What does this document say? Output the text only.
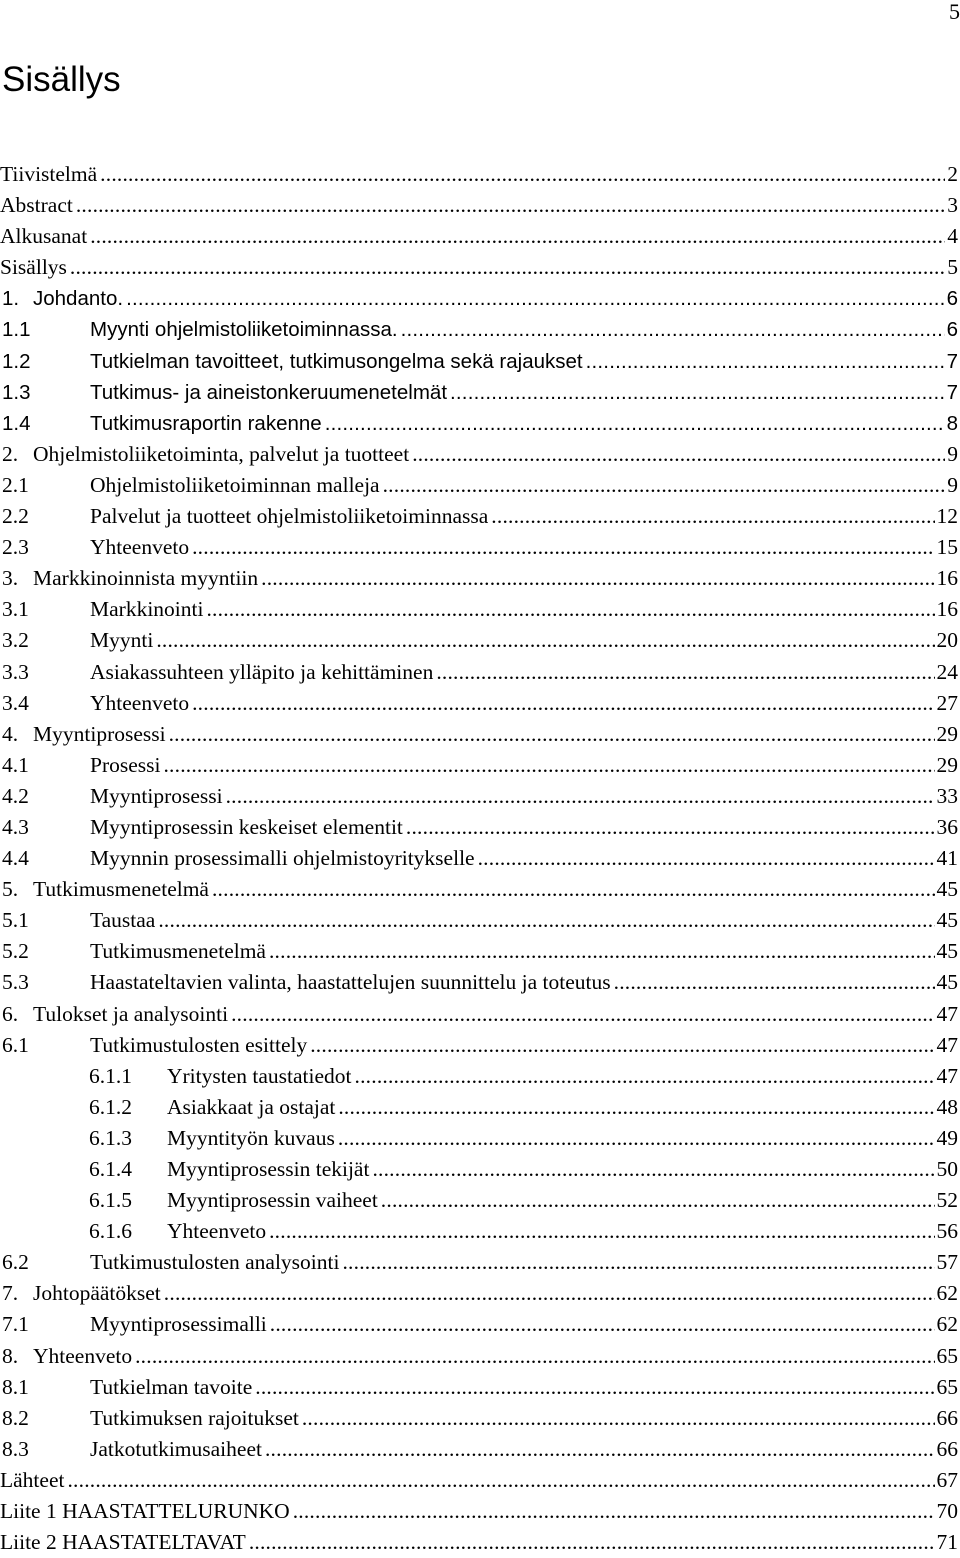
5
Sisällys
Tiivistelmä .....	2
Abstract .....	3
Alkusanat .....	4
Sisällys .....	5
1. Johdanto. .....	6
1.1	Myynti ohjelmistoliiketoiminnassa. .....	6
1.2	Tutkielman tavoitteet, tutkimusongelma sekä rajaukset .....	7
1.3	Tutkimus- ja aineistonkeruumenetelmät .....	7
1.4	Tutkimusraportin rakenne .....	8
2. Ohjelmistoliiketoiminta, palvelut ja tuotteet .....	9
2.1	Ohjelmistoliiketoiminnan malleja .....	9
2.2	Palvelut ja tuotteet ohjelmistoliiketoiminnassa .....	12
2.3	Yhteenveto .....	15
3. Markkinoinnista myyntiin .....	16
3.1	Markkinointi .....	16
3.2	Myynti .....	20
3.3	Asiakassuhteen ylläpito ja kehittäminen .....	24
3.4	Yhteenveto .....	27
4. Myyntiprosessi .....	29
4.1	Prosessi .....	29
4.2	Myyntiprosessi .....	33
4.3	Myyntiprosessin keskeiset elementit .....	36
4.4	Myynnin prosessimalli ohjelmistoyritykselle .....	41
5. Tutkimusmenetelmä .....	45
5.1	Taustaa .....	45
5.2	Tutkimusmenetelmä .....	45
5.3	Haastateltavien valinta, haastattelujen suunnittelu ja toteutus .....	45
6. Tulokset ja analysointi .....	47
6.1	Tutkimustulosten esittely .....	47
6.1.1	Yritysten taustatiedot .....	47
6.1.2	Asiakkaat ja ostajat .....	48
6.1.3	Myyntityön kuvaus .....	49
6.1.4	Myyntiprosessin tekijät .....	50
6.1.5	Myyntiprosessin vaiheet .....	52
6.1.6	Yhteenveto .....	56
6.2	Tutkimustulosten analysointi .....	57
7. Johtopäätökset .....	62
7.1	Myyntiprosessimalli .....	62
8. Yhteenveto .....	65
8.1	Tutkielman tavoite .....	65
8.2	Tutkimuksen rajoitukset .....	66
8.3	Jatkotutkimusaiheet .....	66
Lähteet .....	67
Liite 1 HAASTATTELURUNKO .....	70
Liite 2 HAASTATELTAVAT .....	71
